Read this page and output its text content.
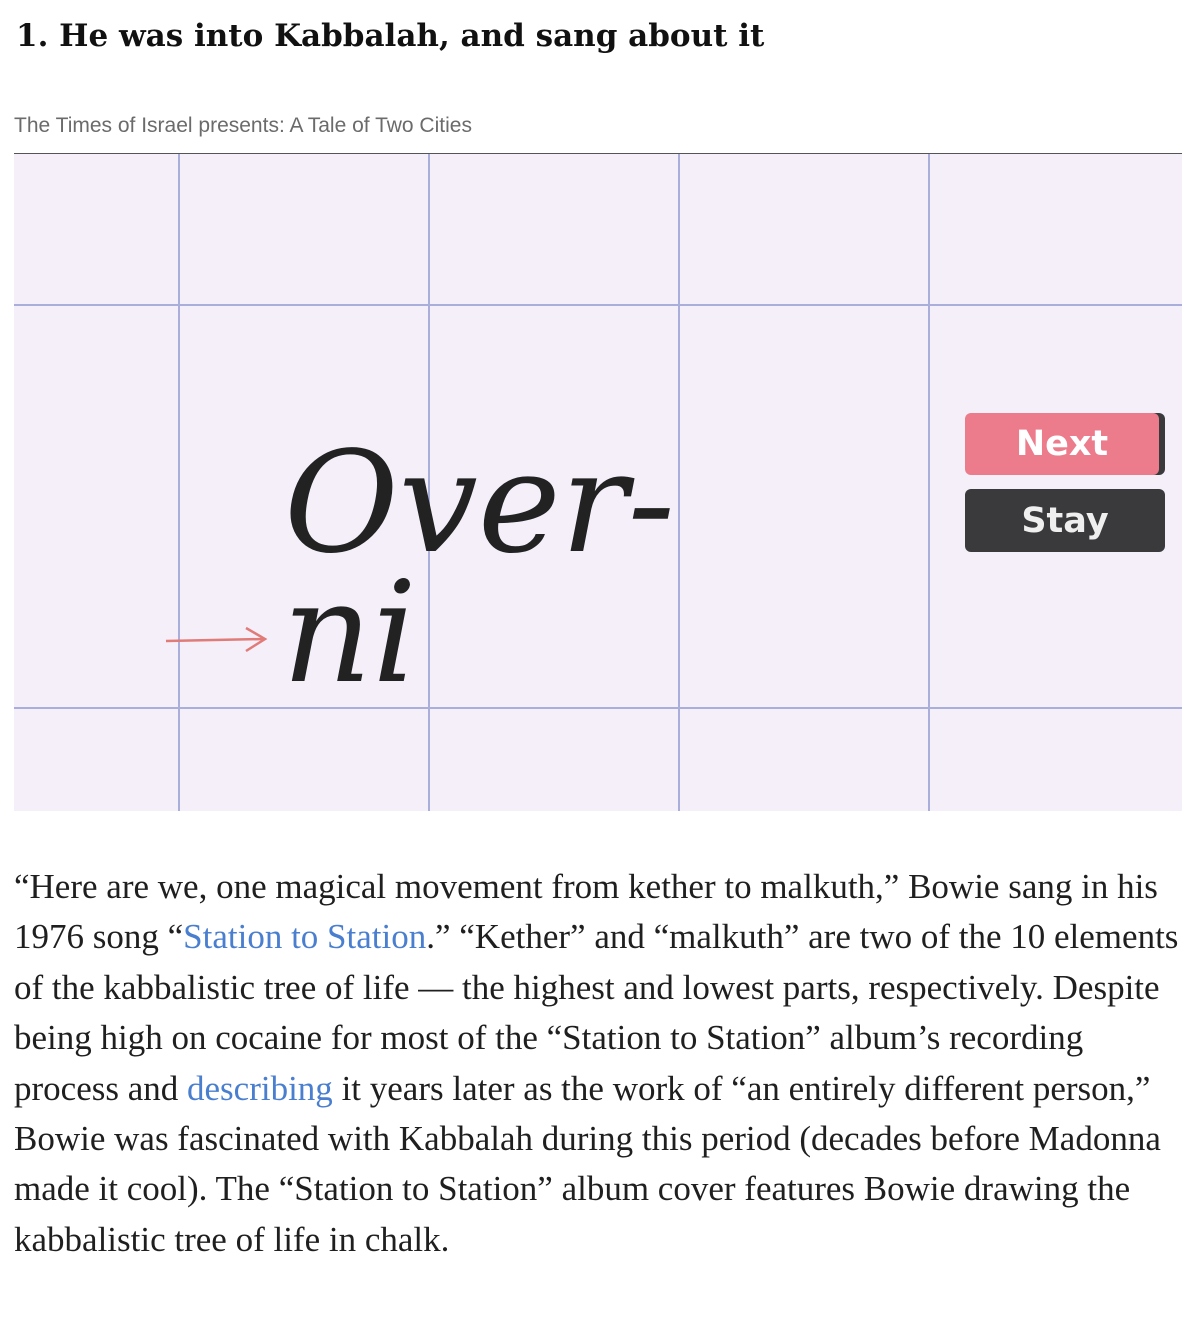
1. He was into Kabbalah, and sang about it

The Times of Israel presents: A Tale of Two Cities

Over-
ni
Next
Stay

“Here are we, one magical movement from kether to malkuth,” Bowie sang in his 1976 song “Station to Station.” “Kether” and “malkuth” are two of the 10 elements of the kabbalistic tree of life — the highest and lowest parts, respectively. Despite being high on cocaine for most of the “Station to Station” album’s recording process and describing it years later as the work of “an entirely different person,” Bowie was fascinated with Kabbalah during this period (decades before Madonna made it cool). The “Station to Station” album cover features Bowie drawing the kabbalistic tree of life in chalk.
